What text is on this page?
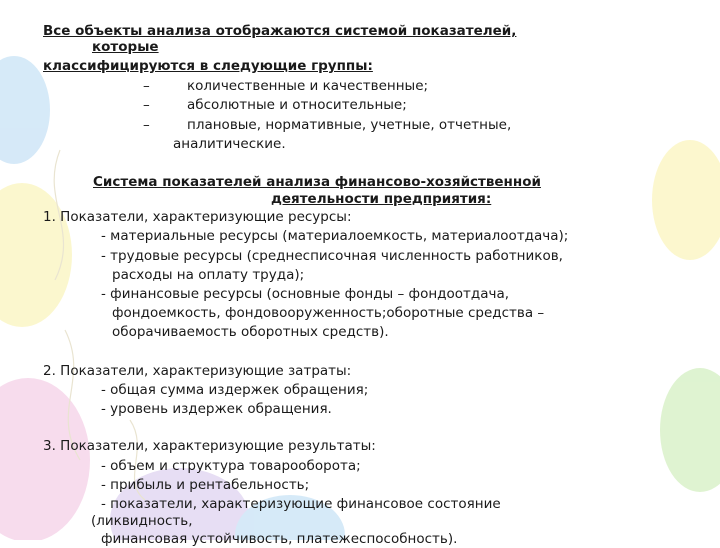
Все объекты анализа отображаются системой показателей,
которые
классифицируются в следующие группы:
–	количественные и качественные;
–	абсолютные и относительные;
–	плановые, нормативные, учетные, отчетные,
аналитические.
Система показателей анализа финансово-хозяйственной
деятельности предприятия:
1. Показатели, характеризующие ресурсы:
- материальные ресурсы (материалоемкость, материалоотдача);
- трудовые ресурсы (среднесписочная численность работников,
расходы на оплату труда);
- финансовые ресурсы (основные фонды – фондоотдача,
фондоемкость, фондовооруженность;оборотные средства –
оборачиваемость оборотных средств).
2. Показатели, характеризующие затраты:
- общая сумма издержек обращения;
- уровень издержек обращения.
3. Показатели, характеризующие результаты:
- объем и структура товарооборота;
- прибыль и рентабельность;
- показатели, характеризующие финансовое состояние
(ликвидность,
финансовая устойчивость, платежеспособность).
